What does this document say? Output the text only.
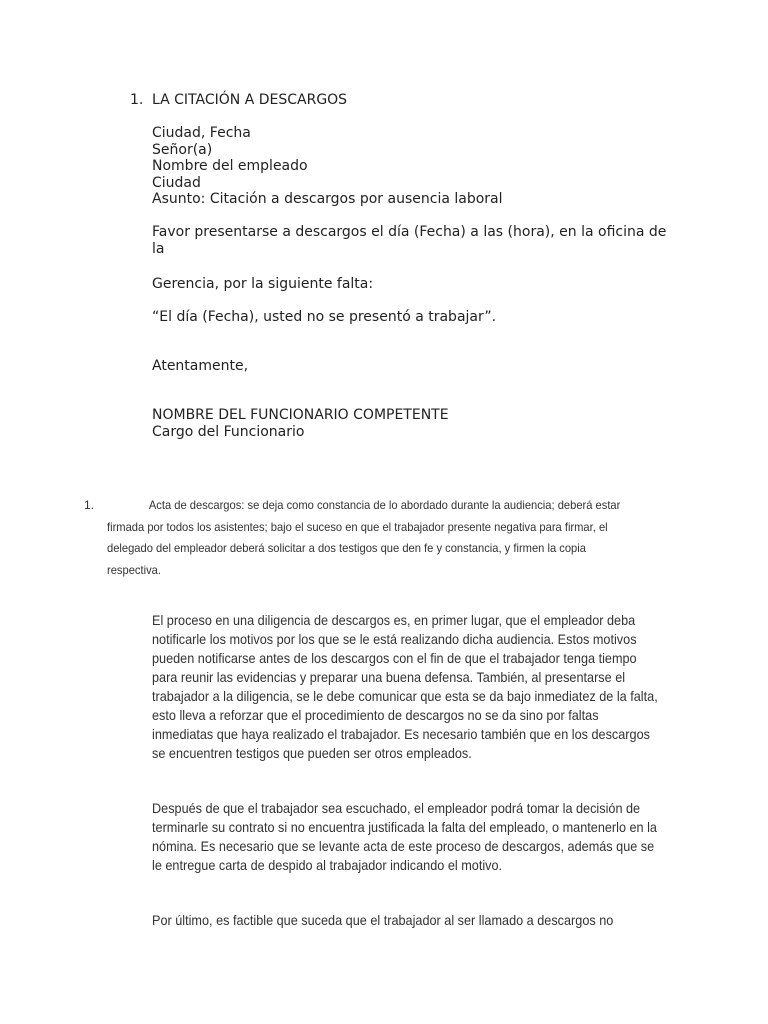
1. LA CITACIÓN A DESCARGOS
Ciudad, Fecha
Señor(a)
Nombre del empleado
Ciudad
Asunto: Citación a descargos por ausencia laboral

Favor presentarse a descargos el día (Fecha) a las (hora), en la oficina de la

Gerencia, por la siguiente falta:

“El día (Fecha), usted no se presentó a trabajar”.

Atentamente,

NOMBRE DEL FUNCIONARIO COMPETENTE
Cargo del Funcionario
1.	Acta de descargos: se deja como constancia de lo abordado durante la audiencia; deberá estar firmada por todos los asistentes; bajo el suceso en que el trabajador presente negativa para firmar, el delegado del empleador deberá solicitar a dos testigos que den fe y constancia, y firmen la copia respectiva.

El proceso en una diligencia de descargos es, en primer lugar, que el empleador deba notificarle los motivos por los que se le está realizando dicha audiencia. Estos motivos pueden notificarse antes de los descargos con el fin de que el trabajador tenga tiempo para reunir las evidencias y preparar una buena defensa. También, al presentarse el trabajador a la diligencia, se le debe comunicar que esta se da bajo inmediatez de la falta, esto lleva a reforzar que el procedimiento de descargos no se da sino por faltas inmediatas que haya realizado el trabajador. Es necesario también que en los descargos se encuentren testigos que pueden ser otros empleados.

Después de que el trabajador sea escuchado, el empleador podrá tomar la decisión de terminarle su contrato si no encuentra justificada la falta del empleado, o mantenerlo en la nómina. Es necesario que se levante acta de este proceso de descargos, además que se le entregue carta de despido al trabajador indicando el motivo.

Por último, es factible que suceda que el trabajador al ser llamado a descargos no
